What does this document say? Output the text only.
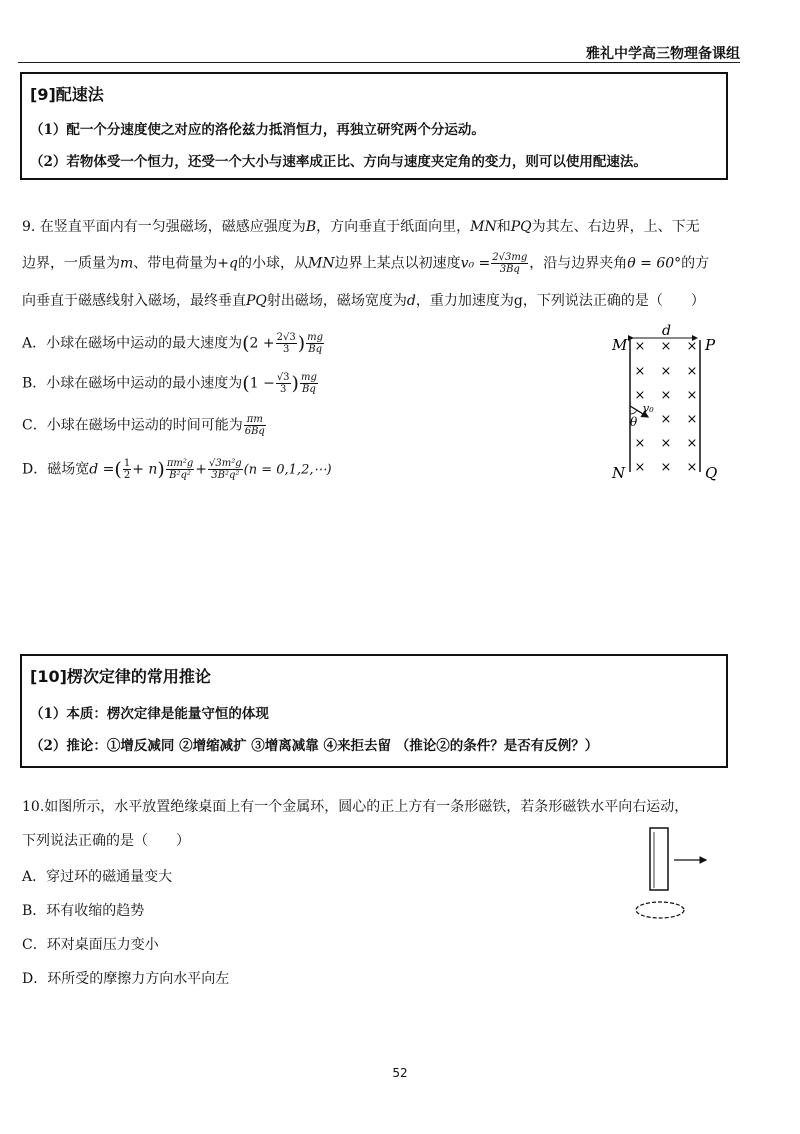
雅礼中学高三物理备课组
[9]配速法
（1）配一个分速度使之对应的洛伦兹力抵消恒力，再独立研究两个分运动。
（2）若物体受一个恒力，还受一个大小与速率成正比、方向与速度夹定角的变力，则可以使用配速法。
9. 在竖直平面内有一匀强磁场，磁感应强度为B，方向垂直于纸面向里，MN和PQ为其左、右边界，上、下无
边界，一质量为m、带电荷量为+q的小球，从MN边界上某点以初速度$v_0 = \frac{2√3mg}{3Bq}$ ，沿与边界夹角θ = 60°的方
向垂直于磁感线射入磁场，最终垂直PQ射出磁场，磁场宽度为d，重力加速度为g，下列说法正确的是（　　）
A．小球在磁场中运动的最大速度为($2 + \frac{2√3}{3}$ ) $\frac{mg}{Bq}$
B．小球在磁场中运动的最小速度为($1 - \frac{√3}{3}$ ) $\frac{mg}{Bq}$
C．小球在磁场中运动的时间可能为 $\frac{\pi m}{6Bq}$
D．磁场宽d =( $\frac{1}{2} + n) \frac{\text{πm²g}}{\text{B²q²}} + \frac{\text{√3m²g}}{\text{3B²q²}} (n$ = 0,1,2,⋯)
d
M	P
N	Q
× × ×
× × ×
× × ×
× ×
× × ×
× × ×
v₀
θ
[10]楞次定律的常用推论
（1）本质：楞次定律是能量守恒的体现
（2）推论：①增反减同 ②增缩减扩 ③增离减靠 ④来拒去留 （推论②的条件？是否有反例？）
10.如图所示，水平放置绝缘桌面上有一个金属环，圆心的正上方有一条形磁铁，若条形磁铁水平向右运动，
下列说法正确的是（　　）
A．穿过环的磁通量变大
B．环有收缩的趋势
C．环对桌面压力变小
D．环所受的摩擦力方向水平向左
52
